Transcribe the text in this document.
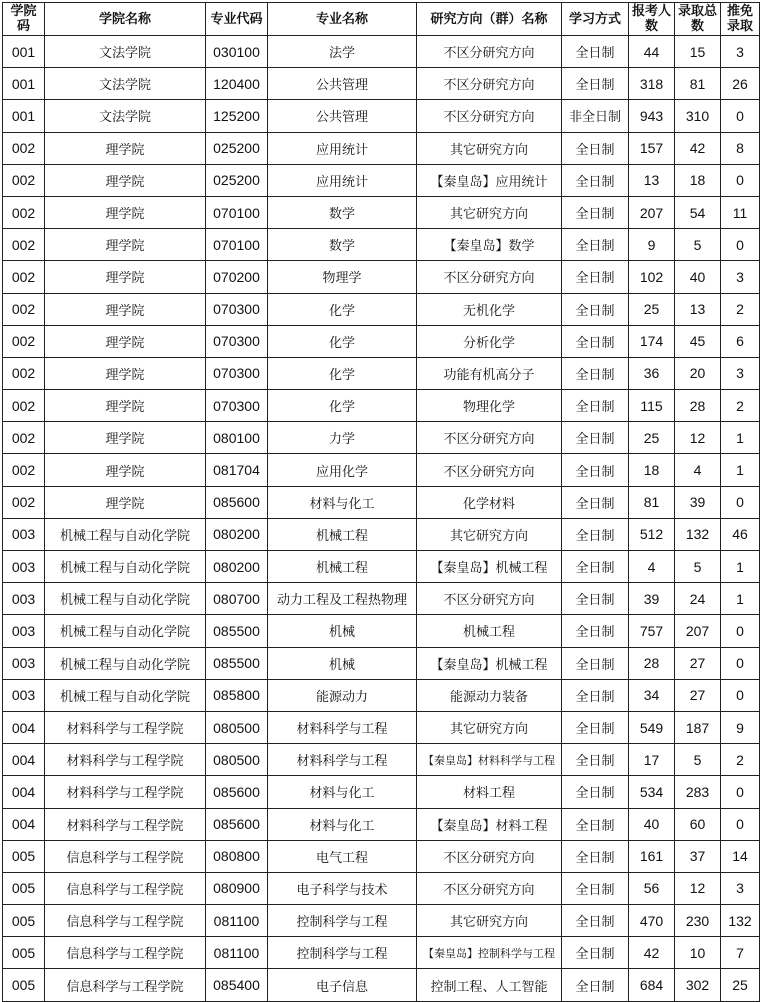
学院码	学院名称	专业代码	专业名称	研究方向（群）名称	学习方式	报考人数	录取总数	推免录取
001	文法学院	030100	法学	不区分研究方向	全日制	44	15	3
001	文法学院	120400	公共管理	不区分研究方向	全日制	318	81	26
001	文法学院	125200	公共管理	不区分研究方向	非全日制	943	310	0
002	理学院	025200	应用统计	其它研究方向	全日制	157	42	8
002	理学院	025200	应用统计	【秦皇岛】应用统计	全日制	13	18	0
002	理学院	070100	数学	其它研究方向	全日制	207	54	11
002	理学院	070100	数学	【秦皇岛】数学	全日制	9	5	0
002	理学院	070200	物理学	不区分研究方向	全日制	102	40	3
002	理学院	070300	化学	无机化学	全日制	25	13	2
002	理学院	070300	化学	分析化学	全日制	174	45	6
002	理学院	070300	化学	功能有机高分子	全日制	36	20	3
002	理学院	070300	化学	物理化学	全日制	115	28	2
002	理学院	080100	力学	不区分研究方向	全日制	25	12	1
002	理学院	081704	应用化学	不区分研究方向	全日制	18	4	1
002	理学院	085600	材料与化工	化学材料	全日制	81	39	0
003	机械工程与自动化学院	080200	机械工程	其它研究方向	全日制	512	132	46
003	机械工程与自动化学院	080200	机械工程	【秦皇岛】机械工程	全日制	4	5	1
003	机械工程与自动化学院	080700	动力工程及工程热物理	不区分研究方向	全日制	39	24	1
003	机械工程与自动化学院	085500	机械	机械工程	全日制	757	207	0
003	机械工程与自动化学院	085500	机械	【秦皇岛】机械工程	全日制	28	27	0
003	机械工程与自动化学院	085800	能源动力	能源动力装备	全日制	34	27	0
004	材料科学与工程学院	080500	材料科学与工程	其它研究方向	全日制	549	187	9
004	材料科学与工程学院	080500	材料科学与工程	【秦皇岛】材料科学与工程	全日制	17	5	2
004	材料科学与工程学院	085600	材料与化工	材料工程	全日制	534	283	0
004	材料科学与工程学院	085600	材料与化工	【秦皇岛】材料工程	全日制	40	60	0
005	信息科学与工程学院	080800	电气工程	不区分研究方向	全日制	161	37	14
005	信息科学与工程学院	080900	电子科学与技术	不区分研究方向	全日制	56	12	3
005	信息科学与工程学院	081100	控制科学与工程	其它研究方向	全日制	470	230	132
005	信息科学与工程学院	081100	控制科学与工程	【秦皇岛】控制科学与工程	全日制	42	10	7
005	信息科学与工程学院	085400	电子信息	控制工程、人工智能	全日制	684	302	25
